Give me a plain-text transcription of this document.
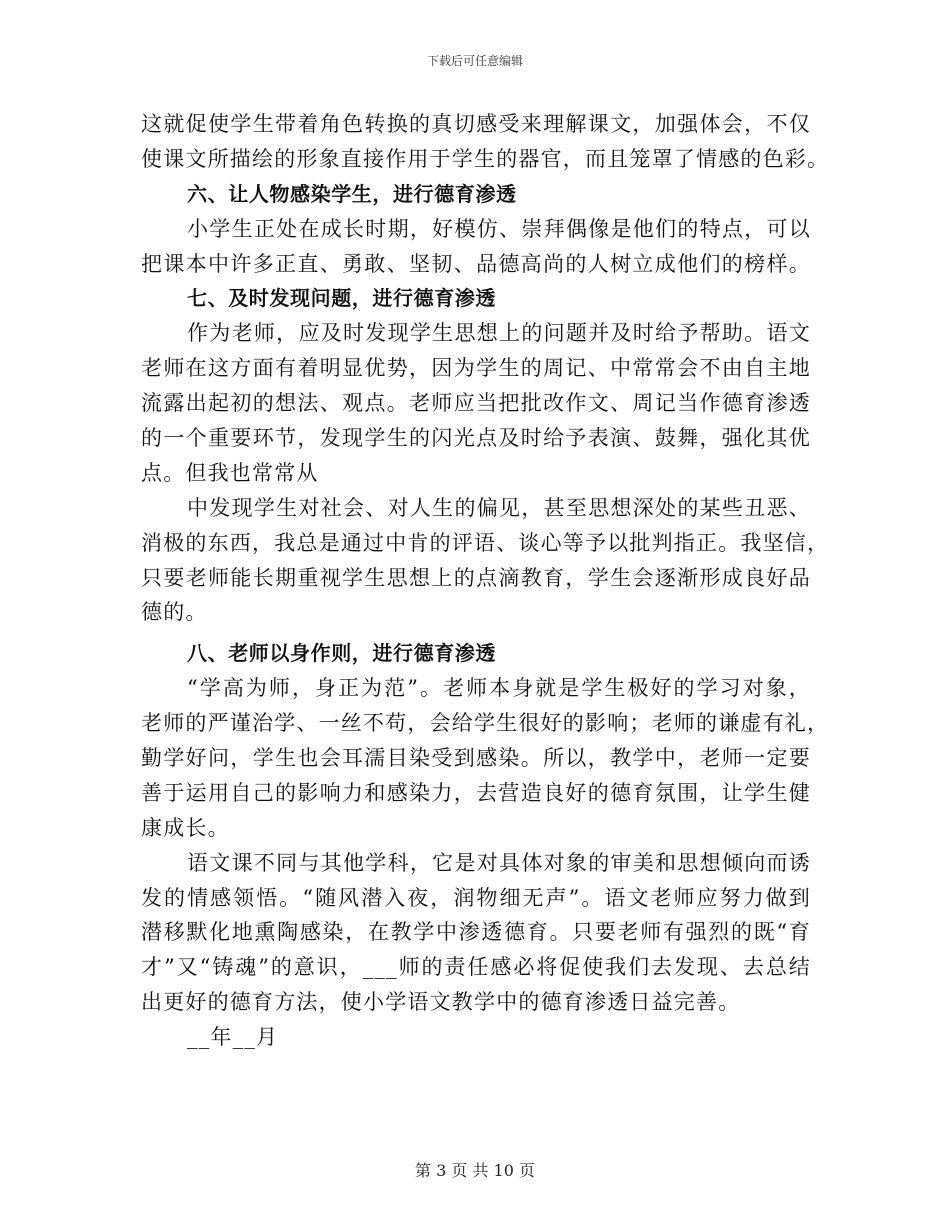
下载后可任意编辑
这就促使学生带着角色转换的真切感受来理解课文，加强体会，不仅
使课文所描绘的形象直接作用于学生的器官，而且笼罩了情感的色彩。
六、让人物感染学生，进行德育渗透
小学生正处在成长时期，好模仿、崇拜偶像是他们的特点，可以
把课本中许多正直、勇敢、坚韧、品德高尚的人树立成他们的榜样。
七、及时发现问题，进行德育渗透
作为老师，应及时发现学生思想上的问题并及时给予帮助。语文
老师在这方面有着明显优势，因为学生的周记、中常常会不由自主地
流露出起初的想法、观点。老师应当把批改作文、周记当作德育渗透
的一个重要环节，发现学生的闪光点及时给予表演、鼓舞，强化其优
点。但我也常常从
中发现学生对社会、对人生的偏见，甚至思想深处的某些丑恶、
消极的东西，我总是通过中肯的评语、谈心等予以批判指正。我坚信，
只要老师能长期重视学生思想上的点滴教育，学生会逐渐形成良好品
德的。
八、老师以身作则，进行德育渗透
“学高为师，身正为范”。老师本身就是学生极好的学习对象，
老师的严谨治学、一丝不苟，会给学生很好的影响；老师的谦虚有礼，
勤学好问，学生也会耳濡目染受到感染。所以，教学中，老师一定要
善于运用自己的影响力和感染力，去营造良好的德育氛围，让学生健
康成长。
语文课不同与其他学科，它是对具体对象的审美和思想倾向而诱
发的情感领悟。“随风潜入夜，润物细无声”。语文老师应努力做到
潜移默化地熏陶感染，在教学中渗透德育。只要老师有强烈的既“育
才”又“铸魂”的意识，___师的责任感必将促使我们去发现、去总结
出更好的德育方法，使小学语文教学中的德育渗透日益完善。
__年__月
第 3 页 共 10 页
